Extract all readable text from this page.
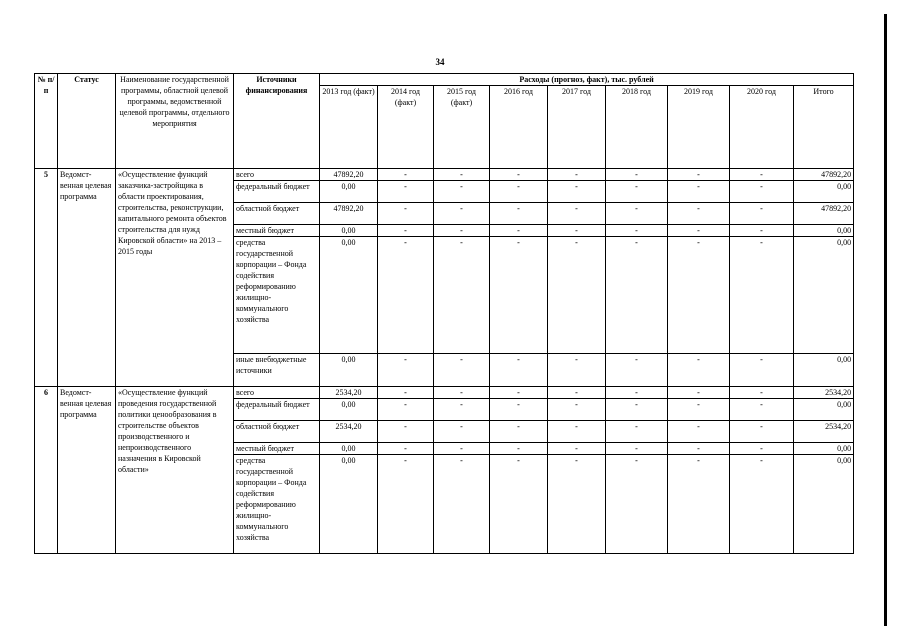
34
№ п/п	Статус	Наименование государственной программы, областной целевой программы, ведомственной целевой программы, отдельного мероприятия	Источники финансирования	Расходы (прогноз, факт), тыс. рублей								
				2013 год (факт)	2014 год (факт)	2015 год (факт)	2016 год	2017 год	2018 год	2019 год	2020 год	Итого
5	Ведомст-венная целевая программа	«Осуществление функций заказчика-застройщика в области проектирования, строительства, реконструкции, капитального ремонта объектов строительства для нужд Кировской области» на 2013 – 2015 годы	всего	47892,20	-	-	-	-	-	-	-	47892,20
			федеральный бюджет	0,00	-	-	-	-	-	-	-	0,00
			областной бюджет	47892,20	-	-	-	-	-	-	-	47892,20
			местный бюджет	0,00	-	-	-	-	-	-	-	0,00
			средства государственной корпорации – Фонда содействия реформированию жилищно-коммунального хозяйства	0,00	-	-	-	-	-	-	-	0,00
			иные внебюджетные источники	0,00	-	-	-	-	-	-	-	0,00
6	Ведомст-венная целевая программа	«Осуществление функций проведения государственной политики ценообразования в строительстве объектов производственного и непроизводственного назначения в Кировской области»	всего	2534,20	-	-	-	-	-	-	-	2534,20
			федеральный бюджет	0,00	-	-	-	-	-	-	-	0,00
			областной бюджет	2534,20	-	-	-	-	-	-	-	2534,20
			местный бюджет	0,00	-	-	-	-	-	-	-	0,00
			средства государственной корпорации – Фонда содействия реформированию жилищно-коммунального хозяйства	0,00	-	-	-	-	-	-	-	0,00
